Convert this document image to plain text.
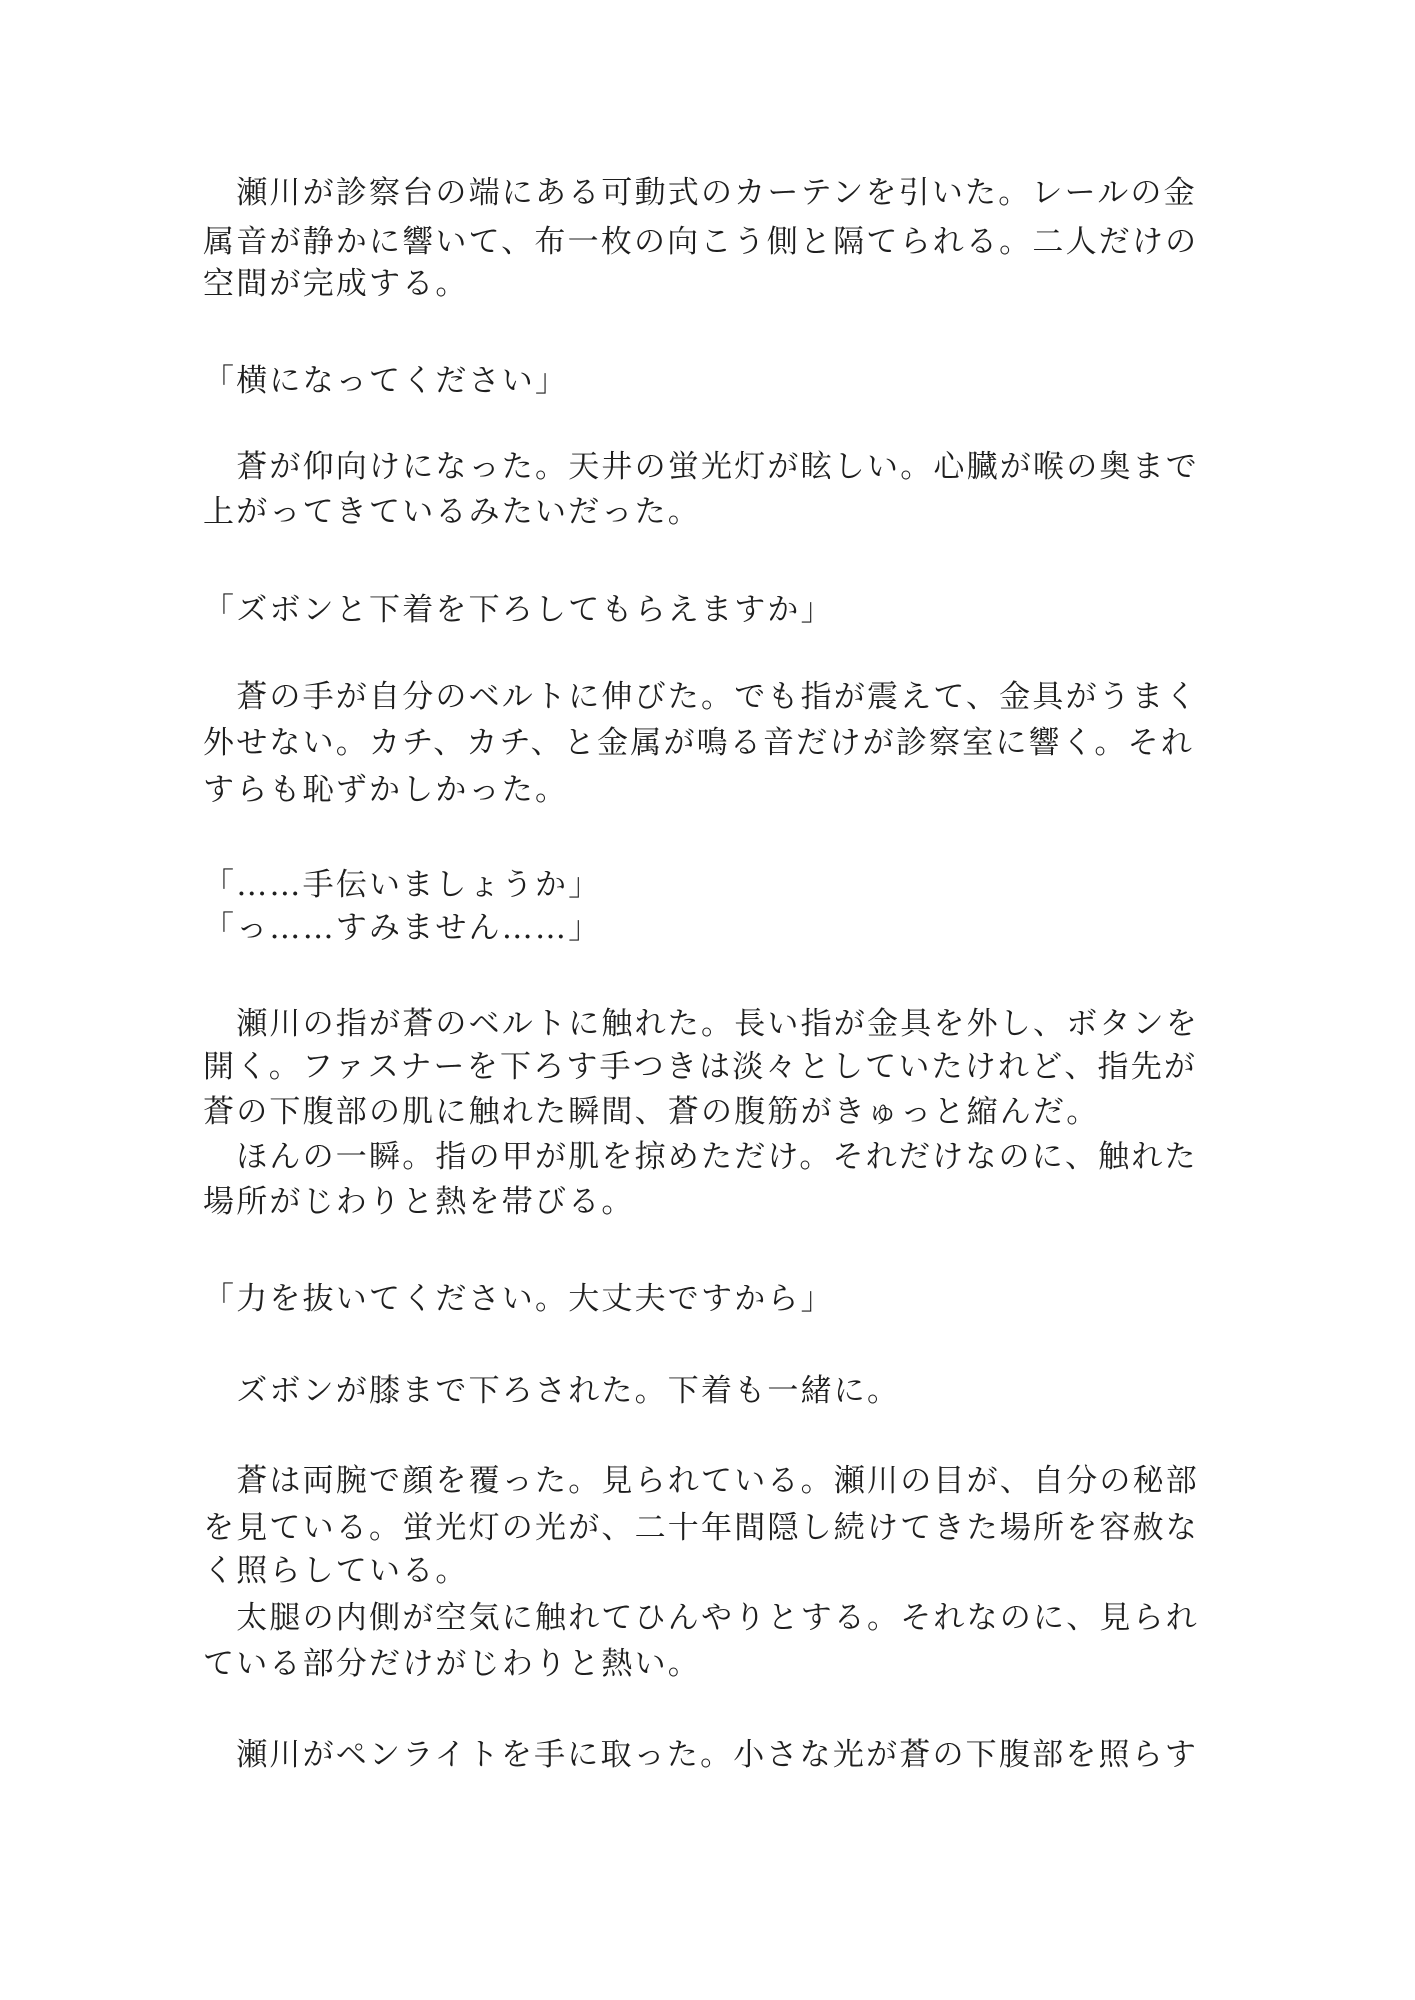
　瀬川が診察台の端にある可動式のカーテンを引いた。レールの金
属音が静かに響いて、布一枚の向こう側と隔てられる。二人だけの
空間が完成する。
「横になってください」
　蒼が仰向けになった。天井の蛍光灯が眩しい。心臓が喉の奥まで
上がってきているみたいだった。
「ズボンと下着を下ろしてもらえますか」
　蒼の手が自分のベルトに伸びた。でも指が震えて、金具がうまく
外せない。カチ、カチ、と金属が鳴る音だけが診察室に響く。それ
すらも恥ずかしかった。
「……手伝いましょうか」
「っ……すみません……」
　瀬川の指が蒼のベルトに触れた。長い指が金具を外し、ボタンを
開く。ファスナーを下ろす手つきは淡々としていたけれど、指先が
蒼の下腹部の肌に触れた瞬間、蒼の腹筋がきゅっと縮んだ。
　ほんの一瞬。指の甲が肌を掠めただけ。それだけなのに、触れた
場所がじわりと熱を帯びる。
「力を抜いてください。大丈夫ですから」
　ズボンが膝まで下ろされた。下着も一緒に。
　蒼は両腕で顔を覆った。見られている。瀬川の目が、自分の秘部
を見ている。蛍光灯の光が、二十年間隠し続けてきた場所を容赦な
く照らしている。
　太腿の内側が空気に触れてひんやりとする。それなのに、見られ
ている部分だけがじわりと熱い。
　瀬川がペンライトを手に取った。小さな光が蒼の下腹部を照らす
